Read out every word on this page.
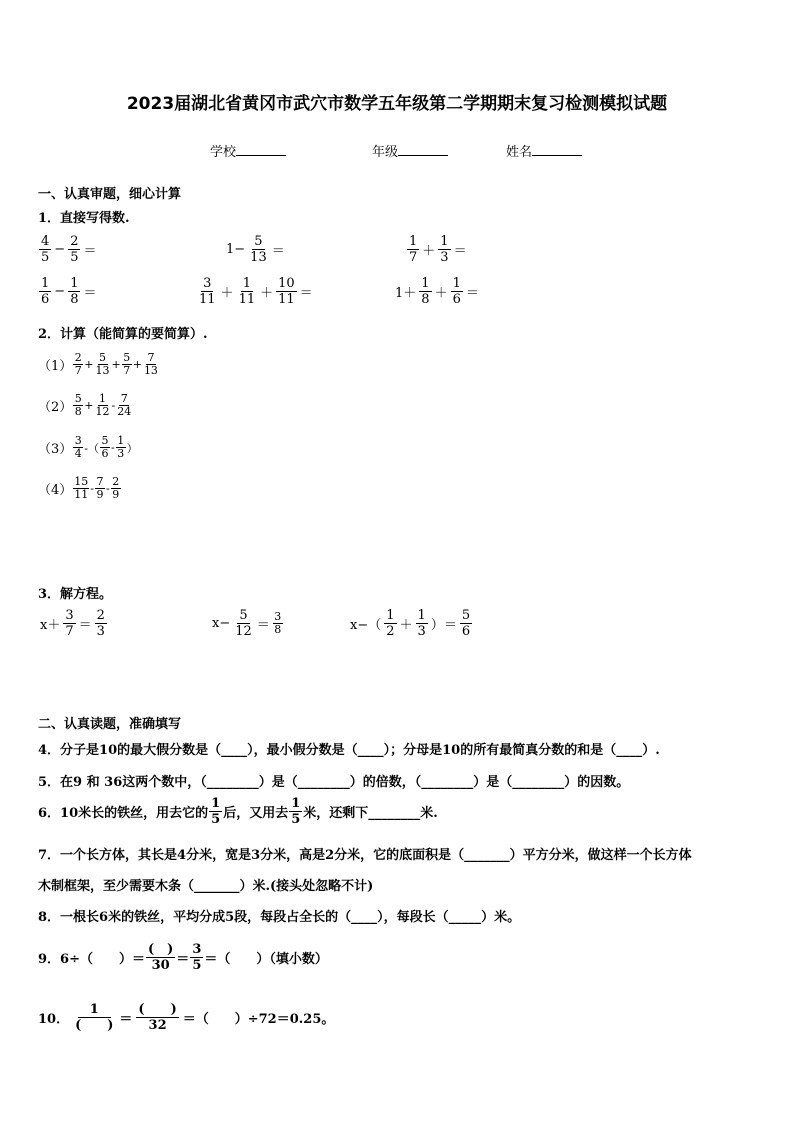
2023届湖北省黄冈市武穴市数学五年级第二学期期末复习检测模拟试题
学校	年级	姓名
一、认真审题，细心计算
1．直接写得数.
$\frac{4}{5} - \frac{2}{5}$ ＝	$1- \frac{5}{13}$ ＝	$\frac{1}{7} + \frac{1}{3}$ ＝
$\frac{1}{6} - \frac{1}{8}$ ＝	$\frac{3}{11} + \frac{1}{11} + \frac{10}{11}$ ＝	$1+ \frac{1}{8} + \frac{1}{6}$ ＝
2．计算（能简算的要简算）.
$(1) \frac{2}{7} + \frac{5}{13} + \frac{5}{7} + \frac{7}{13}$
$(2) \frac{5}{8} + \frac{1}{12} - \frac{7}{24}$
$(3) \frac{3}{4}$ -（ $\frac{5}{6} - \frac{1}{3}$ ）
$(4) \frac{15}{11} - \frac{7}{9} - \frac{2}{9}$
3．解方程。
$x+ \frac{3}{7} = \frac{2}{3}$	$x- \frac{5}{12} = \frac{3}{8}$	$x-( \frac{1}{2} + \frac{1}{3}$ ）＝ $\frac{5}{6}$
二、认真读题，准确填写
4．分子是10的最大假分数是（____），最小假分数是（____）；分母是10的所有最简真分数的和是（____）.
5．在9 和 36这两个数中，（________）是（________）的倍数，（________）是（________）的因数。
6．10米长的铁丝，用去它的 $\frac{1}{5}$ 后，又用去 $\frac{1}{5}$ 米，还剩下________米.
7．一个长方体，其长是4分米，宽是3分米，高是2分米，它的底面积是（_______）平方分米，做这样一个长方体
木制框架，至少需要木条（_______）米.(接头处忽略不计)
8．一根长6米的铁丝，平均分成5段，每段占全长的（____），每段长（_____）米。
9．6÷（　　）＝ $\frac{( )}{30} = \frac{3}{5}$ ＝（　　）（填小数）
10． $\frac{1}{( )} = \frac{( )}{32}$ ＝（　　）÷72＝0.25。
